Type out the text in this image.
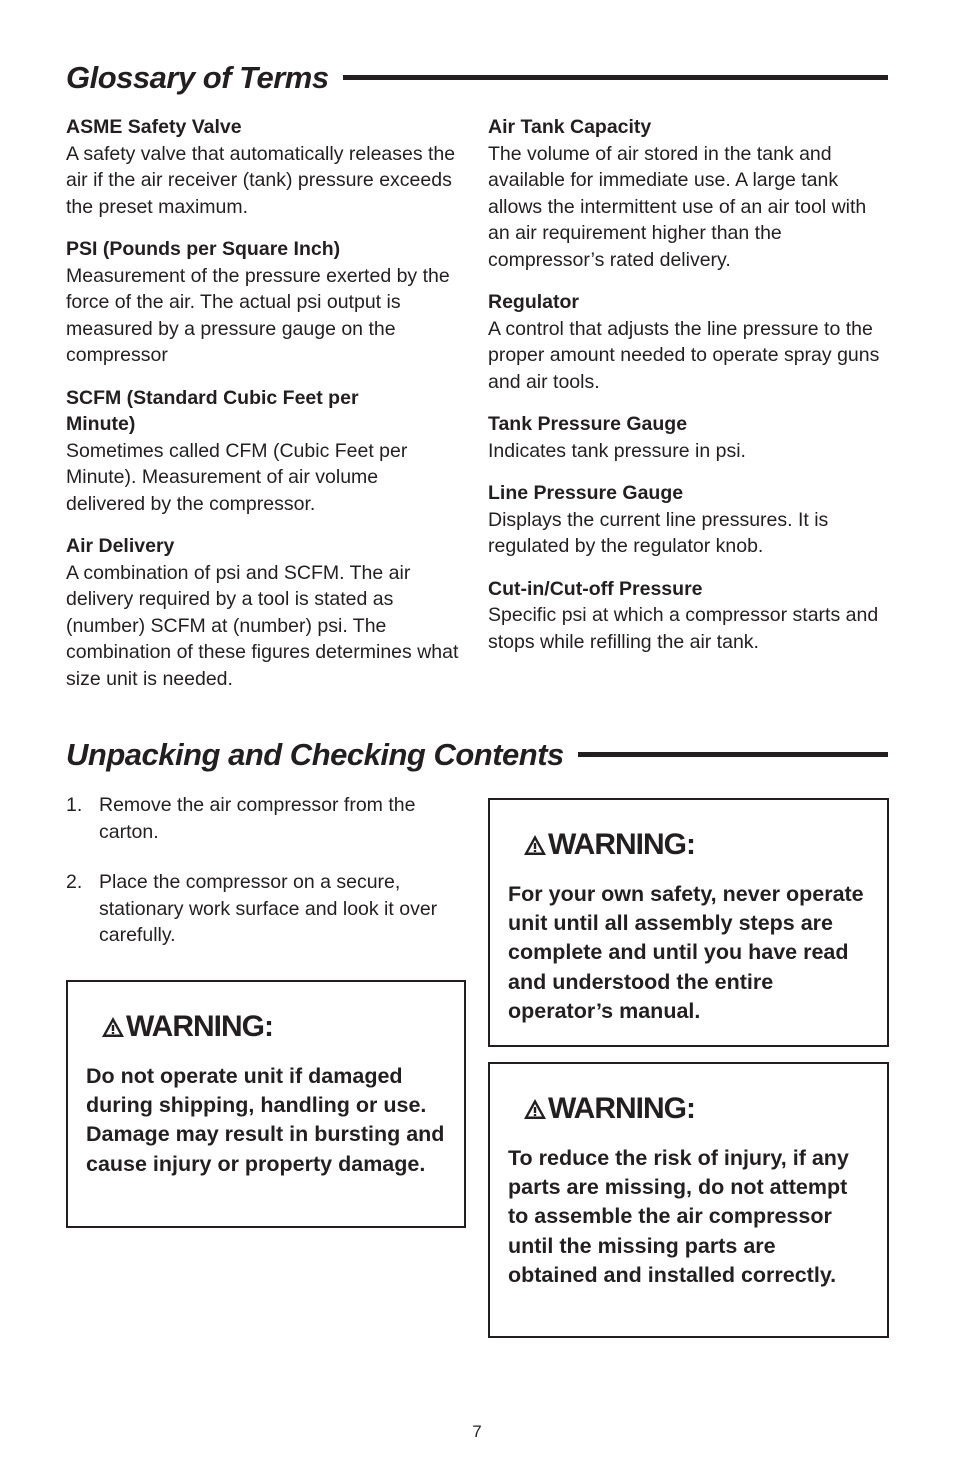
Glossary of Terms

ASME Safety Valve

A safety valve that automatically releases the air if the air receiver (tank) pressure exceeds the preset maximum.

PSI (Pounds per Square Inch)

Measurement of the pressure exerted by the force of the air. The actual psi output is measured by a pressure gauge on the compressor

SCFM (Standard Cubic Feet per Minute)

Sometimes called CFM (Cubic Feet per Minute). Measurement of air volume delivered by the compressor.

Air Delivery

A combination of psi and SCFM. The air delivery required by a tool is stated as (number) SCFM at (number) psi. The combination of these figures determines what size unit is needed.

Air Tank Capacity

The volume of air stored in the tank and available for immediate use. A large tank allows the intermittent use of an air tool with an air requirement higher than the compressor’s rated delivery.

Regulator

A control that adjusts the line pressure to the proper amount needed to operate spray guns and air tools.

Tank Pressure Gauge

Indicates tank pressure in psi.

Line Pressure Gauge

Displays the current line pressures. It is regulated by the regulator knob.

Cut-in/Cut-off Pressure

Specific psi at which a compressor starts and stops while refilling the air tank.

Unpacking and Checking Contents
1. Remove the air compressor from the carton.
2. Place the compressor on a secure, stationary work surface and look it over carefully.
WARNING:

Do not operate unit if damaged during shipping, handling or use. Damage may result in bursting and cause injury or property damage.

WARNING:

For your own safety, never operate unit until all assembly steps are complete and until you have read and understood the entire operator’s manual.

WARNING:

To reduce the risk of injury, if any parts are missing, do not attempt to assemble the air compressor until the missing parts are obtained and installed correctly.

7
